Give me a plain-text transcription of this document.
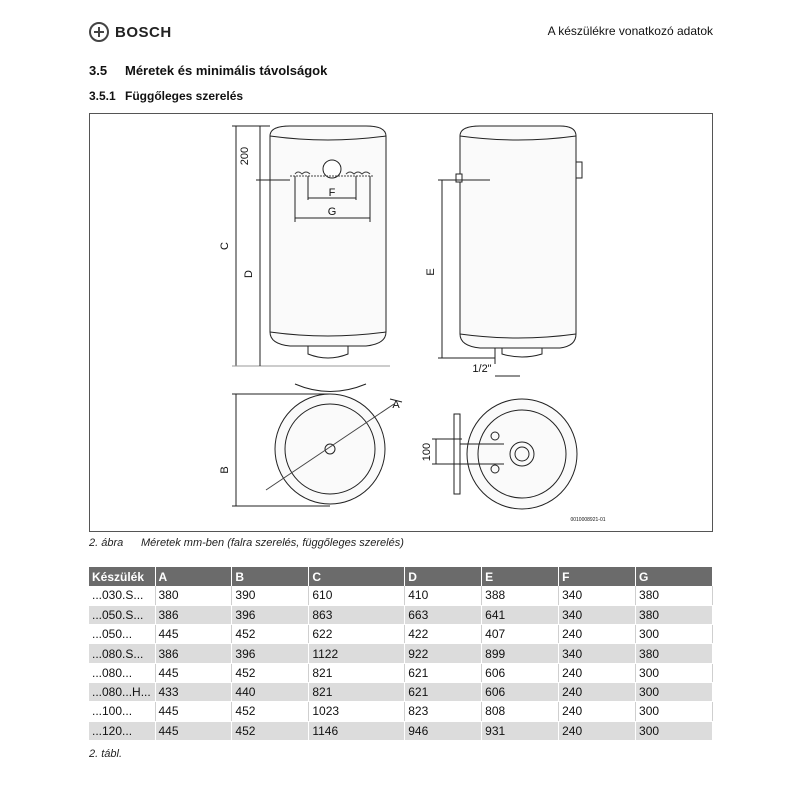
BOSCH	A készülékre vonatkozó adatok
3.5 Méretek és minimális távolságok
3.5.1 Függőleges szerelés
200
C
D
F
G
E
1/2"
A
B
100
0010008921-01
2. ábra Méretek mm-ben (falra szerelés, függőleges szerelés)
Készülék	A	B	C	D	E	F	G
...030.S...	380	390	610	410	388	340	380
...050.S...	386	396	863	663	641	340	380
...050...	445	452	622	422	407	240	300
...080.S...	386	396	1122	922	899	340	380
...080...	445	452	821	621	606	240	300
...080...H...	433	440	821	621	606	240	300
...100...	445	452	1023	823	808	240	300
...120...	445	452	1146	946	931	240	300
2. tábl.
